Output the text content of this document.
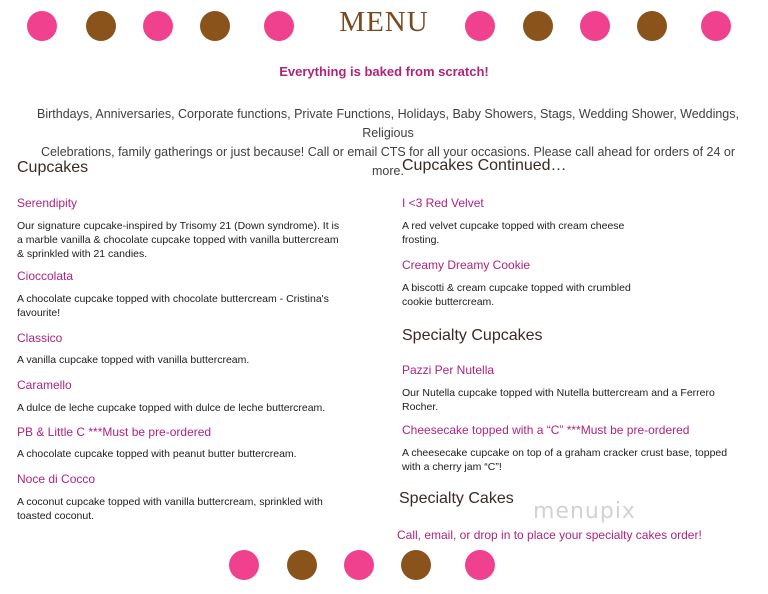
MENU
Everything is baked from scratch!
Birthdays, Anniversaries, Corporate functions, Private Functions, Holidays, Baby Showers, Stags, Wedding Shower, Weddings, Religious
Celebrations, family gatherings or just because! Call or email CTS for all your occasions. Please call ahead for orders of 24 or more.
Cupcakes
Serendipity
Our signature cupcake-inspired by Trisomy 21 (Down syndrome). It is a marble vanilla & chocolate cupcake topped with vanilla buttercream & sprinkled with 21 candies.
Cioccolata
A chocolate cupcake topped with chocolate buttercream - Cristina's favourite!
Classico
A vanilla cupcake topped with vanilla buttercream.
Caramello
A dulce de leche cupcake topped with dulce de leche buttercream.
PB & Little C ***Must be pre-ordered
A chocolate cupcake topped with peanut butter buttercream.
Noce di Cocco
A coconut cupcake topped with vanilla buttercream, sprinkled with toasted coconut.
Cupcakes Continued…
I <3 Red Velvet
A red velvet cupcake topped with cream cheese frosting.
Creamy Dreamy Cookie
A biscotti & cream cupcake topped with crumbled cookie buttercream.
Specialty Cupcakes
Pazzi Per Nutella
Our Nutella cupcake topped with Nutella buttercream and a Ferrero Rocher.
Cheesecake topped with a “C” ***Must be pre-ordered
A cheesecake cupcake on top of a graham cracker crust base, topped with a cherry jam “C”!
Specialty Cakes
menupix
Call, email, or drop in to place your specialty cakes order!
